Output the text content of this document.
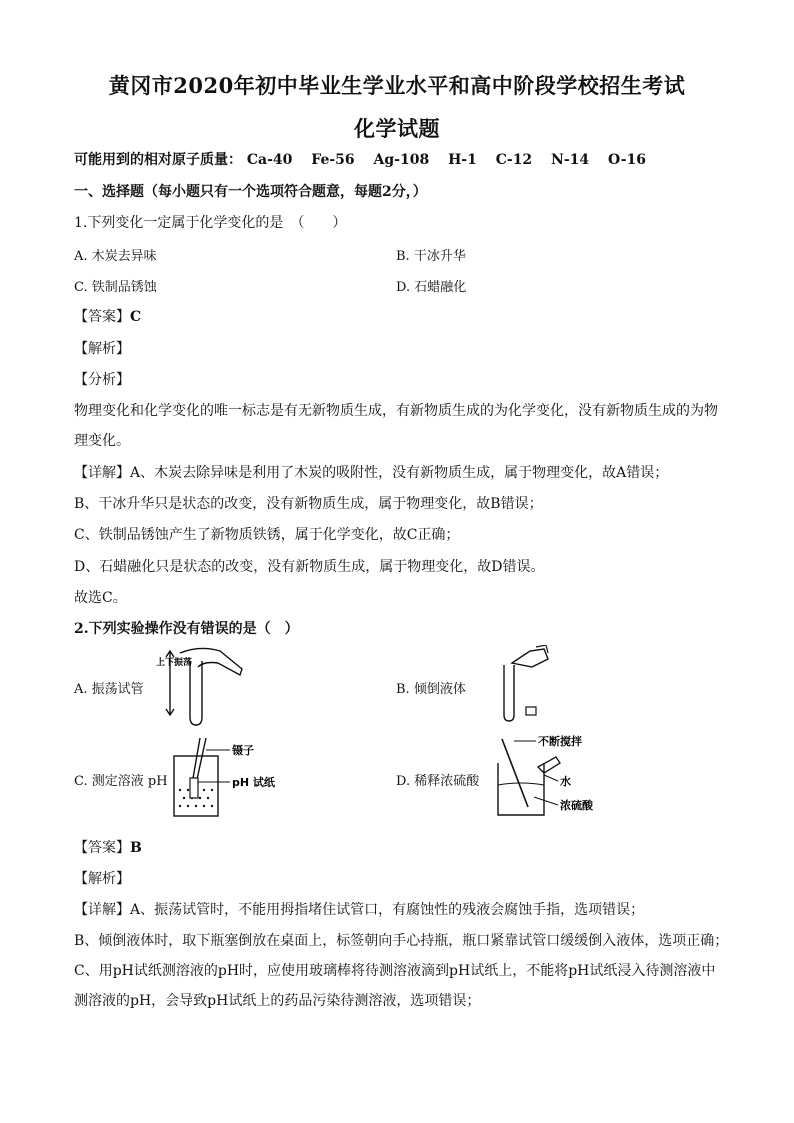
黄冈市2020年初中毕业生学业水平和高中阶段学校招生考试
化学试题
可能用到的相对原子质量： Ca-40 Fe-56 Ag-108 H-1 C-12 N-14 O-16
一、选择题（每小题只有一个选项符合题意，每题2分，）
1.下列变化一定属于化学变化的是　（　　）
A. 木炭去异味	B. 干冰升华
C. 铁制品锈蚀	D. 石蜡融化
【答案】C
【解析】
【分析】
物理变化和化学变化的唯一标志是有无新物质生成，有新物质生成的为化学变化，没有新物质生成的为物理变化。
【详解】A、木炭去除异味是利用了木炭的吸附性，没有新物质生成，属于物理变化，故A错误；
B、干冰升华只是状态的改变，没有新物质生成，属于物理变化，故B错误；
C、铁制品锈蚀产生了新物质铁锈，属于化学变化，故C正确；
D、石蜡融化只是状态的改变，没有新物质生成，属于物理变化，故D错误。
故选C。
2.下列实验操作没有错误的是（　）
A. 振荡试管
上下振荡
B. 倾倒液体
C. 测定溶液 pH
镊子
pH 试纸	D. 稀释浓硫酸
不断搅拌
水
浓硫酸
【答案】B
【解析】
【详解】A、振荡试管时，不能用拇指堵住试管口，有腐蚀性的残液会腐蚀手指，选项错误；
B、倾倒液体时，取下瓶塞倒放在桌面上，标签朝向手心持瓶，瓶口紧靠试管口缓缓倒入液体，选项正确；
C、用pH试纸测溶液的pH时，应使用玻璃棒将待测溶液滴到pH试纸上，不能将pH试纸浸入待测溶液中测溶液的pH，会导致pH试纸上的药品污染待测溶液，选项错误；
